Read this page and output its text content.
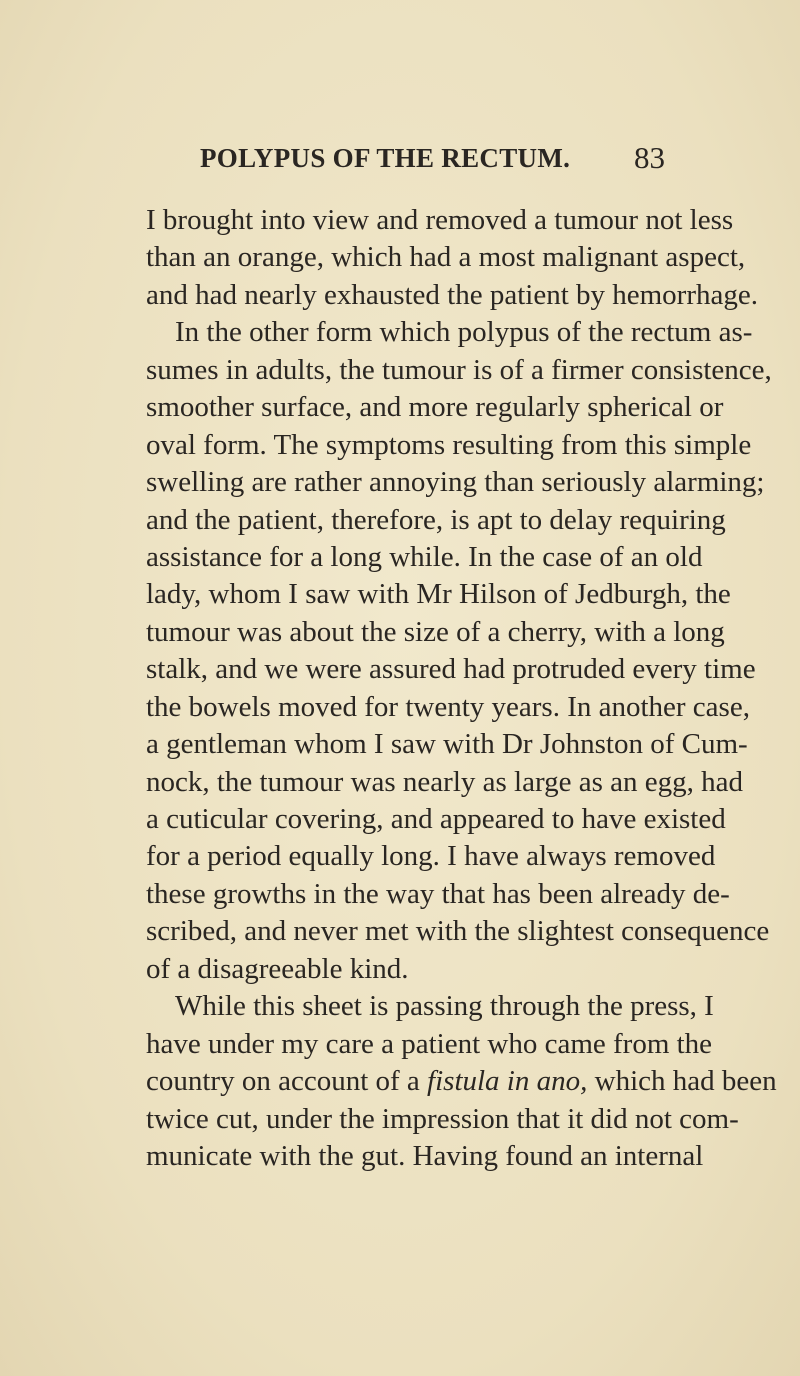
POLYPUS OF THE RECTUM. 83
I brought into view and removed a tumour not less
than an orange, which had a most malignant aspect,
and had nearly exhausted the patient by hemorrhage.
In the other form which polypus of the rectum as-
sumes in adults, the tumour is of a firmer consistence,
smoother surface, and more regularly spherical or
oval form. The symptoms resulting from this simple
swelling are rather annoying than seriously alarming;
and the patient, therefore, is apt to delay requiring
assistance for a long while. In the case of an old
lady, whom I saw with Mr Hilson of Jedburgh, the
tumour was about the size of a cherry, with a long
stalk, and we were assured had protruded every time
the bowels moved for twenty years. In another case,
a gentleman whom I saw with Dr Johnston of Cum-
nock, the tumour was nearly as large as an egg, had
a cuticular covering, and appeared to have existed
for a period equally long. I have always removed
these growths in the way that has been already de-
scribed, and never met with the slightest consequence
of a disagreeable kind.
While this sheet is passing through the press, I
have under my care a patient who came from the
country on account of a fistula in ano, which had been
twice cut, under the impression that it did not com-
municate with the gut. Having found an internal
